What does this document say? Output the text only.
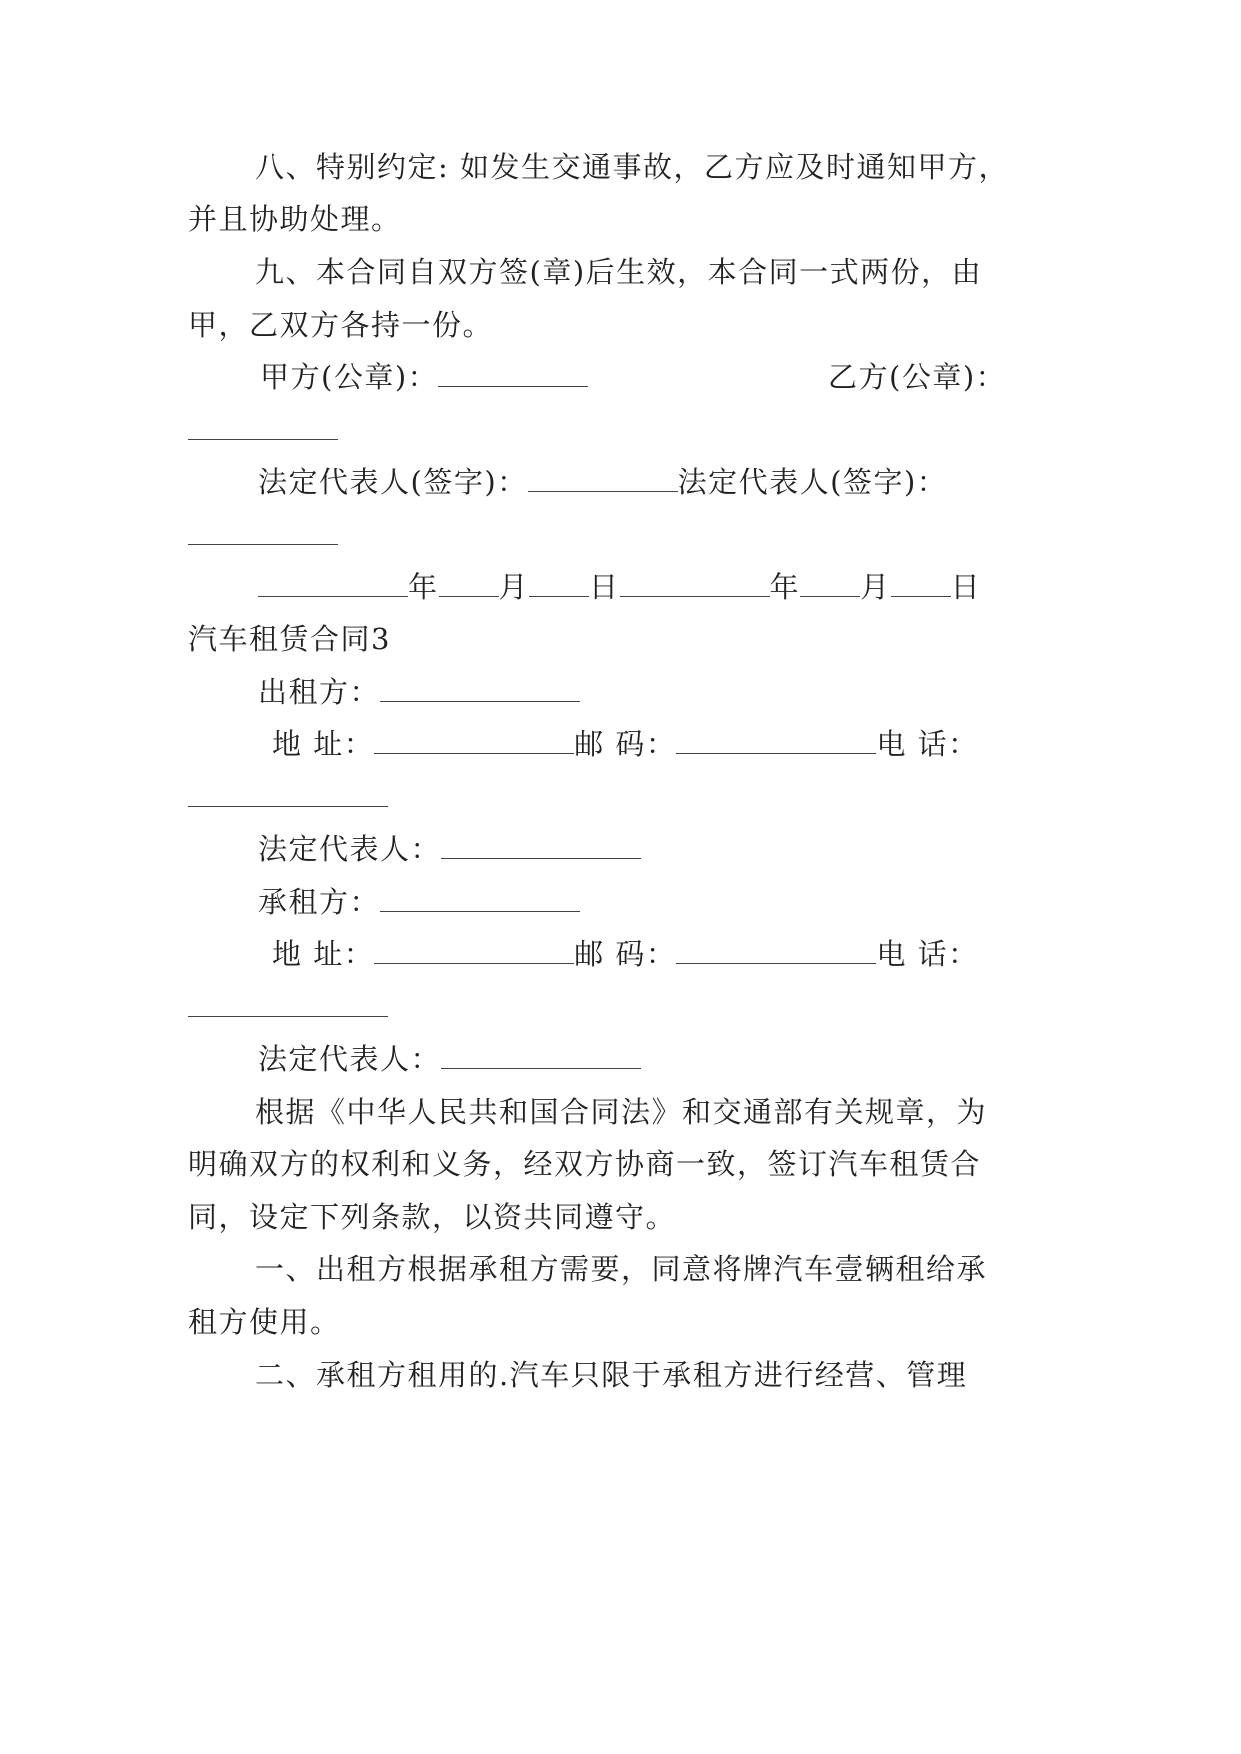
八、特别约定: 如发生交通事故，乙方应及时通知甲方，
并且协助处理。
九、本合同自双方签(章)后生效，本合同一式两份，由
甲，乙双方各持一份。
甲方(公章)：	乙方(公章)：
法定代表人(签字)：	法定代表人(签字)：
年 月 日	年 月 日
汽车租赁合同3
出租方：
地 址：	邮 码：	电 话：
法定代表人：
承租方：
地 址：	邮 码：	电 话：
法定代表人：
根据《中华人民共和国合同法》和交通部有关规章，为
明确双方的权利和义务，经双方协商一致，签订汽车租赁合
同，设定下列条款，以资共同遵守。
一、出租方根据承租方需要，同意将牌汽车壹辆租给承
租方使用。
二、承租方租用的.汽车只限于承租方进行经营、管理
